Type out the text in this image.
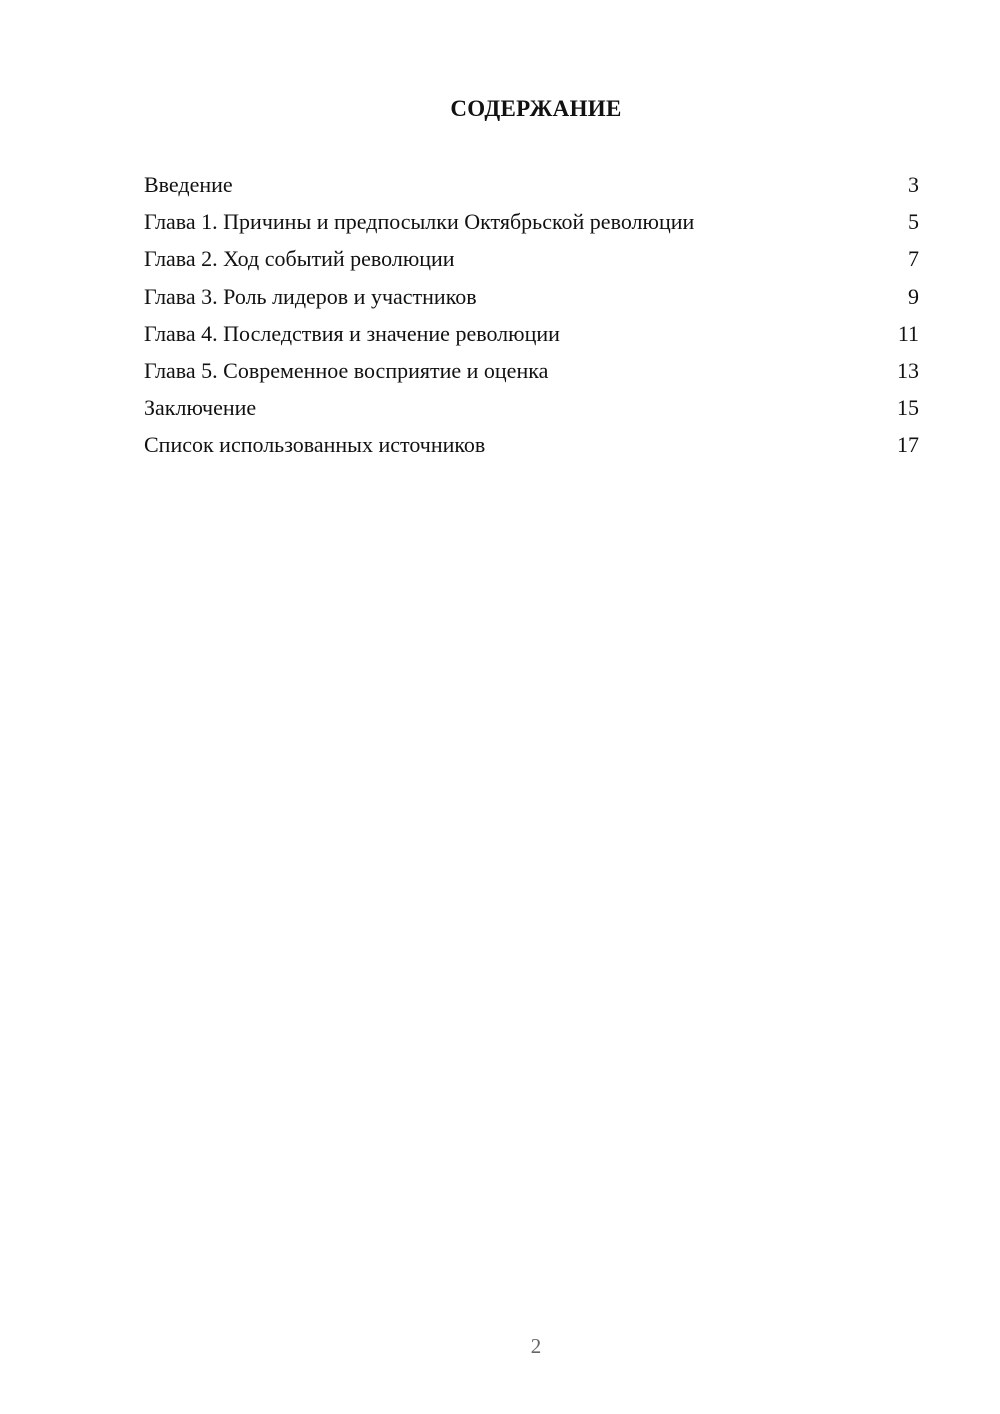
СОДЕРЖАНИЕ
Введение	3
Глава 1. Причины и предпосылки Октябрьской революции	5
Глава 2. Ход событий революции	7
Глава 3. Роль лидеров и участников	9
Глава 4. Последствия и значение революции	11
Глава 5. Современное восприятие и оценка	13
Заключение	15
Список использованных источников	17
2
